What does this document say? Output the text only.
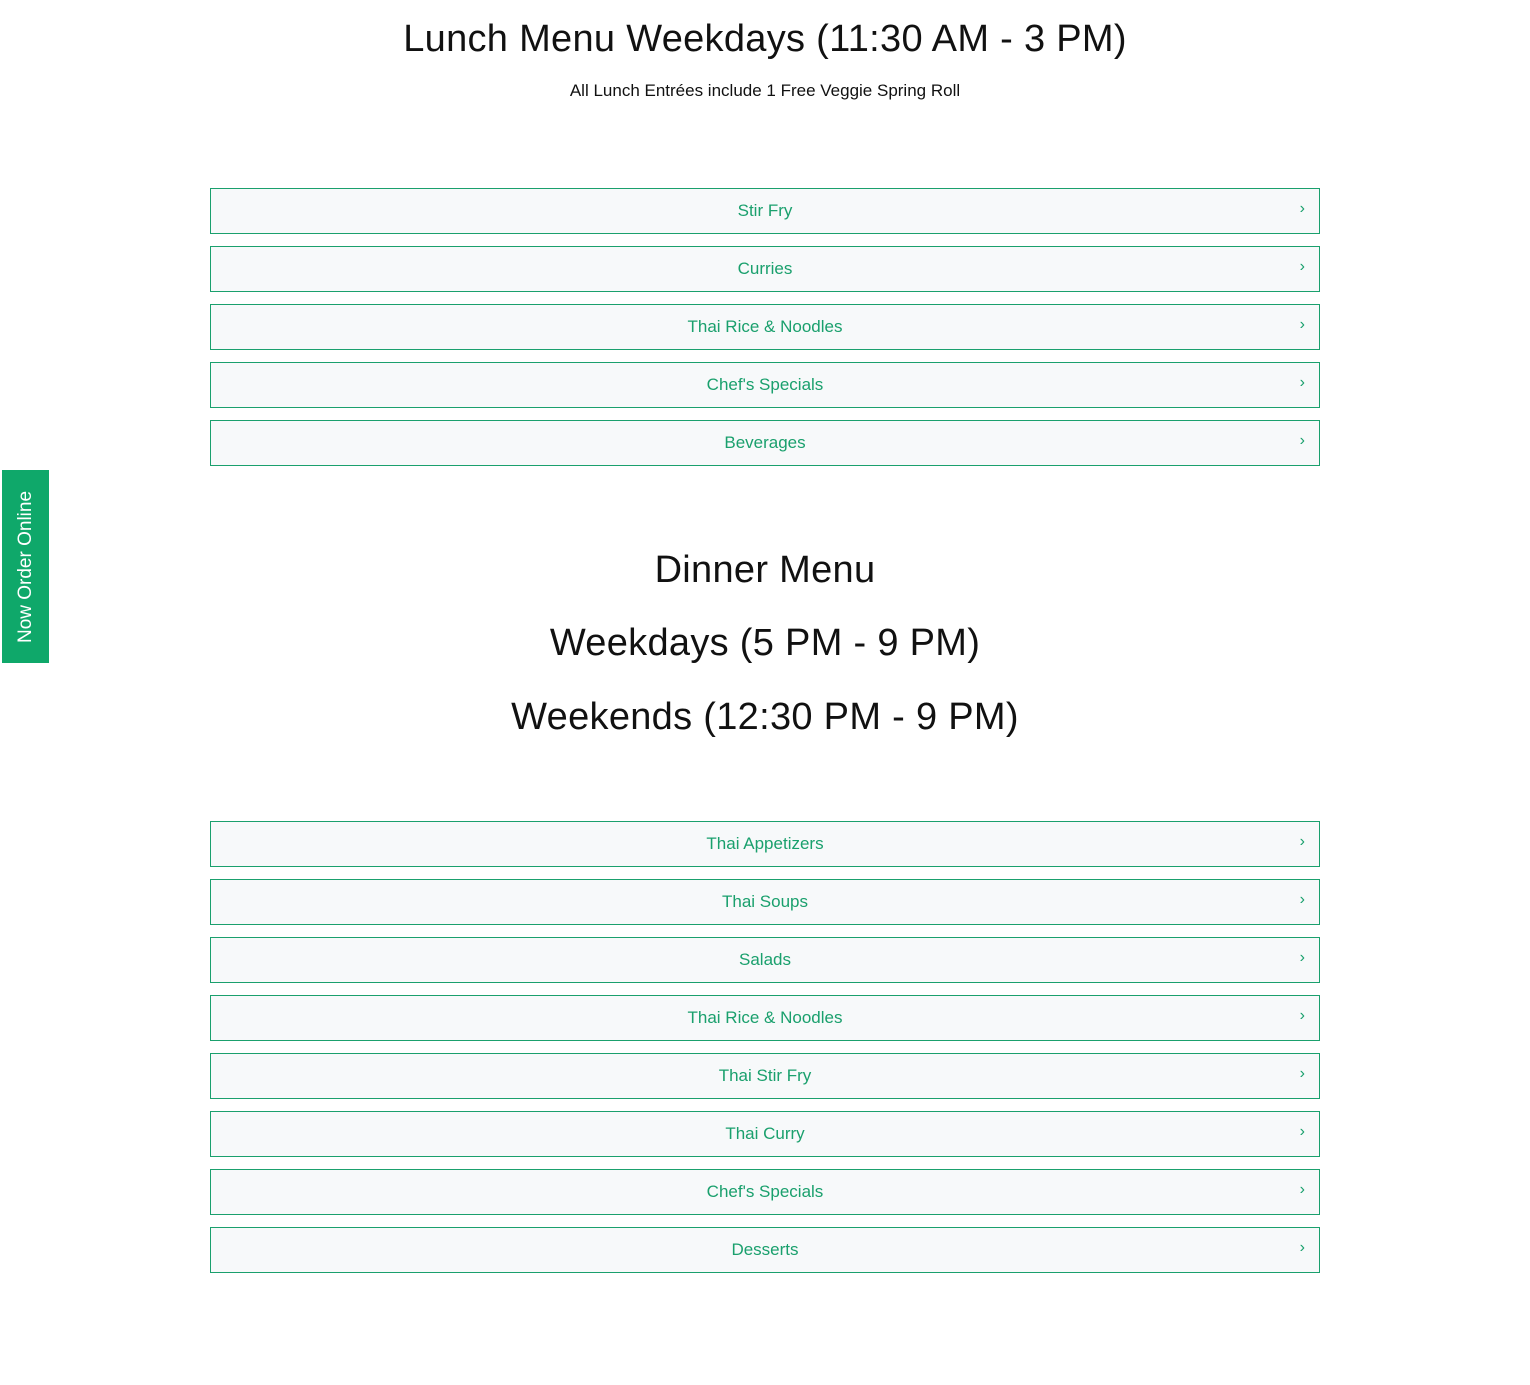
Lunch Menu Weekdays (11:30 AM - 3 PM)

All Lunch Entrées include 1 Free Veggie Spring Roll

Stir Fry	›
Curries	›
Thai Rice & Noodles	›
Chef's Specials	›
Beverages	›
Dinner Menu
Weekdays (5 PM - 9 PM)
Weekends (12:30 PM - 9 PM)
Thai Appetizers	›
Thai Soups	›
Salads	›
Thai Rice & Noodles	›
Thai Stir Fry	›
Thai Curry	›
Chef's Specials	›
Desserts	›
Now Order Online
